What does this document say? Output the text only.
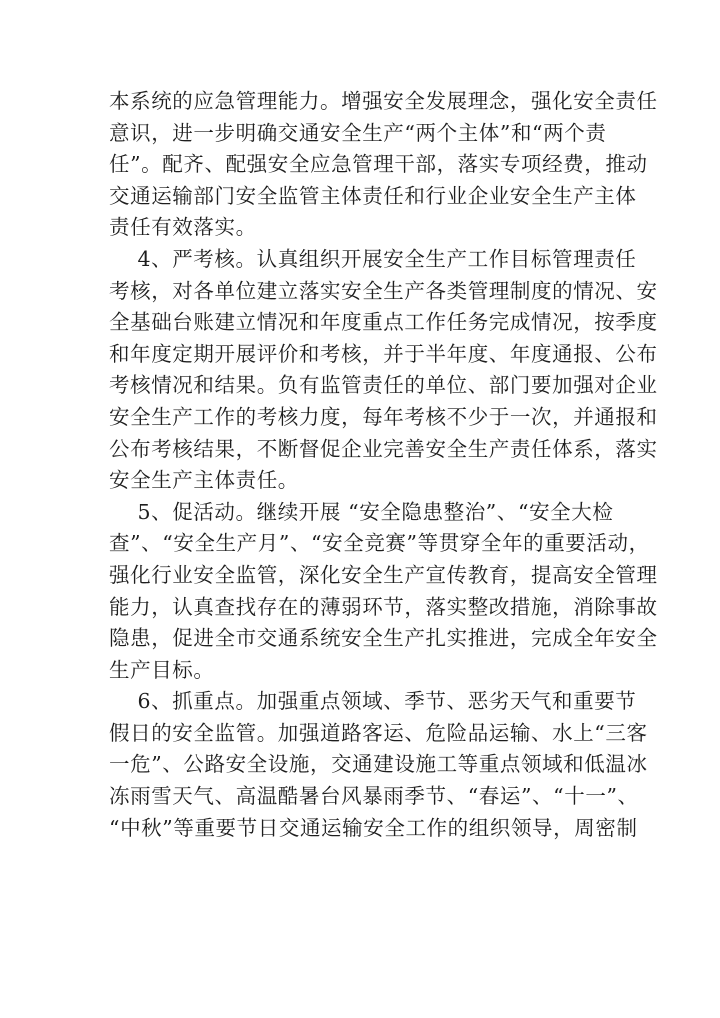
本系统的应急管理能力。增强安全发展理念，强化安全责任
意识，进一步明确交通安全生产“两个主体”和“两个责
任”。配齐、配强安全应急管理干部，落实专项经费，推动
交通运输部门安全监管主体责任和行业企业安全生产主体
责任有效落实。

4、严考核。认真组织开展安全生产工作目标管理责任
考核，对各单位建立落实安全生产各类管理制度的情况、安
全基础台账建立情况和年度重点工作任务完成情况，按季度
和年度定期开展评价和考核，并于半年度、年度通报、公布
考核情况和结果。负有监管责任的单位、部门要加强对企业
安全生产工作的考核力度，每年考核不少于一次，并通报和
公布考核结果，不断督促企业完善安全生产责任体系，落实
安全生产主体责任。

5、促活动。继续开展 “安全隐患整治”、“安全大检
查”、“安全生产月”、“安全竞赛”等贯穿全年的重要活动，
强化行业安全监管，深化安全生产宣传教育，提高安全管理
能力，认真查找存在的薄弱环节，落实整改措施，消除事故
隐患，促进全市交通系统安全生产扎实推进，完成全年安全
生产目标。

6、抓重点。加强重点领域、季节、恶劣天气和重要节
假日的安全监管。加强道路客运、危险品运输、水上“三客
一危”、公路安全设施，交通建设施工等重点领域和低温冰
冻雨雪天气、高温酷暑台风暴雨季节、“春运”、“十一”、
“中秋”等重要节日交通运输安全工作的组织领导，周密制
